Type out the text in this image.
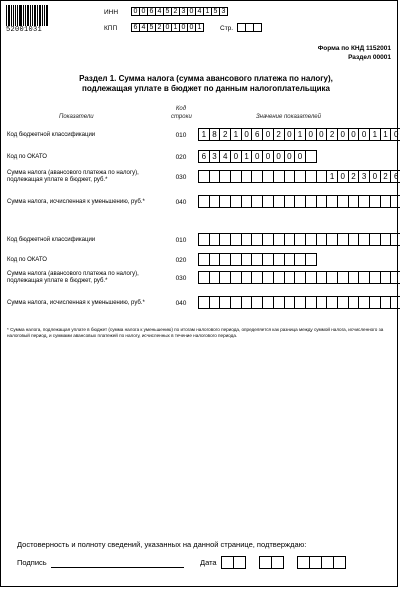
52001031
ИНН	0 0 6 4 5 2 3 0 4 1 5 3
КПП	6 4 5 2 0 1 0 0 1	Стр.
Форма по КНД 1152001
Раздел 00001
Раздел 1. Сумма налога (сумма авансового платежа по налогу),
подлежащая уплате в бюджет по данным налогоплательщика
Показатели
Код строки	Значение показателей
Код бюджетной классификации	010	1 8 2 1 0 6 0 2 0 1 0 0 2 0 0 0 1 1 0
Код по ОКАТО	020	6 3 4 0 1 0 0 0 0 0
Сумма налога (авансового платежа по налогу), подлежащая уплате в бюджет, руб.*	030	1 0 2 3 0 2 6
Сумма налога, исчисленная к уменьшению, руб.*	040
Код бюджетной классификации	010
Код по ОКАТО	020
Сумма налога (авансового платежа по налогу), подлежащая уплате в бюджет, руб.*	030
Сумма налога, исчисленная к уменьшению, руб.*	040
* Сумма налога, подлежащая уплате в бюджет (сумма налога к уменьшению) по итогам налогового периода, определяется как разница между суммой налога, исчисленного за налоговый период, и суммами авансовых платежей по налогу, исчисленных в течение налогового периода.
Достоверность и полноту сведений, указанных на данной странице, подтверждаю:
Подпись	Дата
